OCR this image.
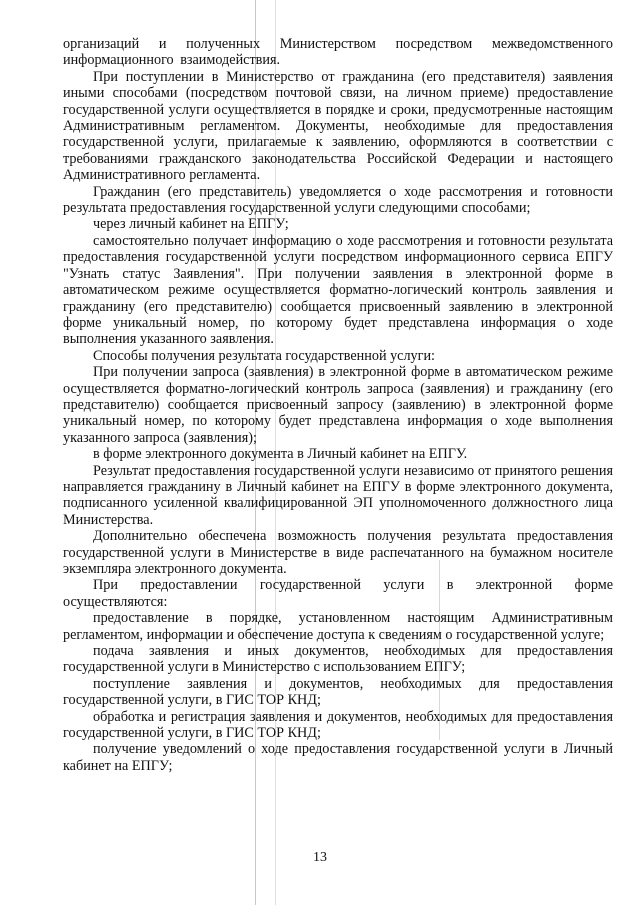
организаций и полученных Министерством посредством межведомственного информационного взаимодействия.

При поступлении в Министерство от гражданина (его представителя) заявления иными способами (посредством почтовой связи, на личном приеме) предоставление государственной услуги осуществляется в порядке и сроки, предусмотренные настоящим Административным регламентом. Документы, необходимые для предоставления государственной услуги, прилагаемые к заявлению, оформляются в соответствии с требованиями гражданского законодательства Российской Федерации и настоящего Административного регламента.

Гражданин (его представитель) уведомляется о ходе рассмотрения и готовности результата предоставления государственной услуги следующими способами;

через личный кабинет на ЕПГУ;

самостоятельно получает информацию о ходе рассмотрения и готовности результата предоставления государственной услуги посредством информационного сервиса ЕПГУ "Узнать статус Заявления". При получении заявления в электронной форме в автоматическом режиме осуществляется форматно-логический контроль заявления и гражданину (его представителю) сообщается присвоенный заявлению в электронной форме уникальный номер, по которому будет представлена информация о ходе выполнения указанного заявления.

Способы получения результата государственной услуги:

При получении запроса (заявления) в электронной форме в автоматическом режиме осуществляется форматно-логический контроль запроса (заявления) и гражданину (его представителю) сообщается присвоенный запросу (заявлению) в электронной форме уникальный номер, по которому будет представлена информация о ходе выполнения указанного запроса (заявления);

в форме электронного документа в Личный кабинет на ЕПГУ.

Результат предоставления государственной услуги независимо от принятого решения направляется гражданину в Личный кабинет на ЕПГУ в форме электронного документа, подписанного усиленной квалифицированной ЭП уполномоченного должностного лица Министерства.

Дополнительно обеспечена возможность получения результата предоставления государственной услуги в Министерстве в виде распечатанного на бумажном носителе экземпляра электронного документа.

При предоставлении государственной услуги в электронной форме осуществляются:

предоставление в порядке, установленном настоящим Административным регламентом, информации и обеспечение доступа к сведениям о государственной услуге;

подача заявления и иных документов, необходимых для предоставления государственной услуги в Министерство с использованием ЕПГУ;

поступление заявления и документов, необходимых для предоставления государственной услуги, в ГИС ТОР КНД;

обработка и регистрация заявления и документов, необходимых для предоставления государственной услуги, в ГИС ТОР КНД;

получение уведомлений о ходе предоставления государственной услуги в Личный кабинет на ЕПГУ;

13
